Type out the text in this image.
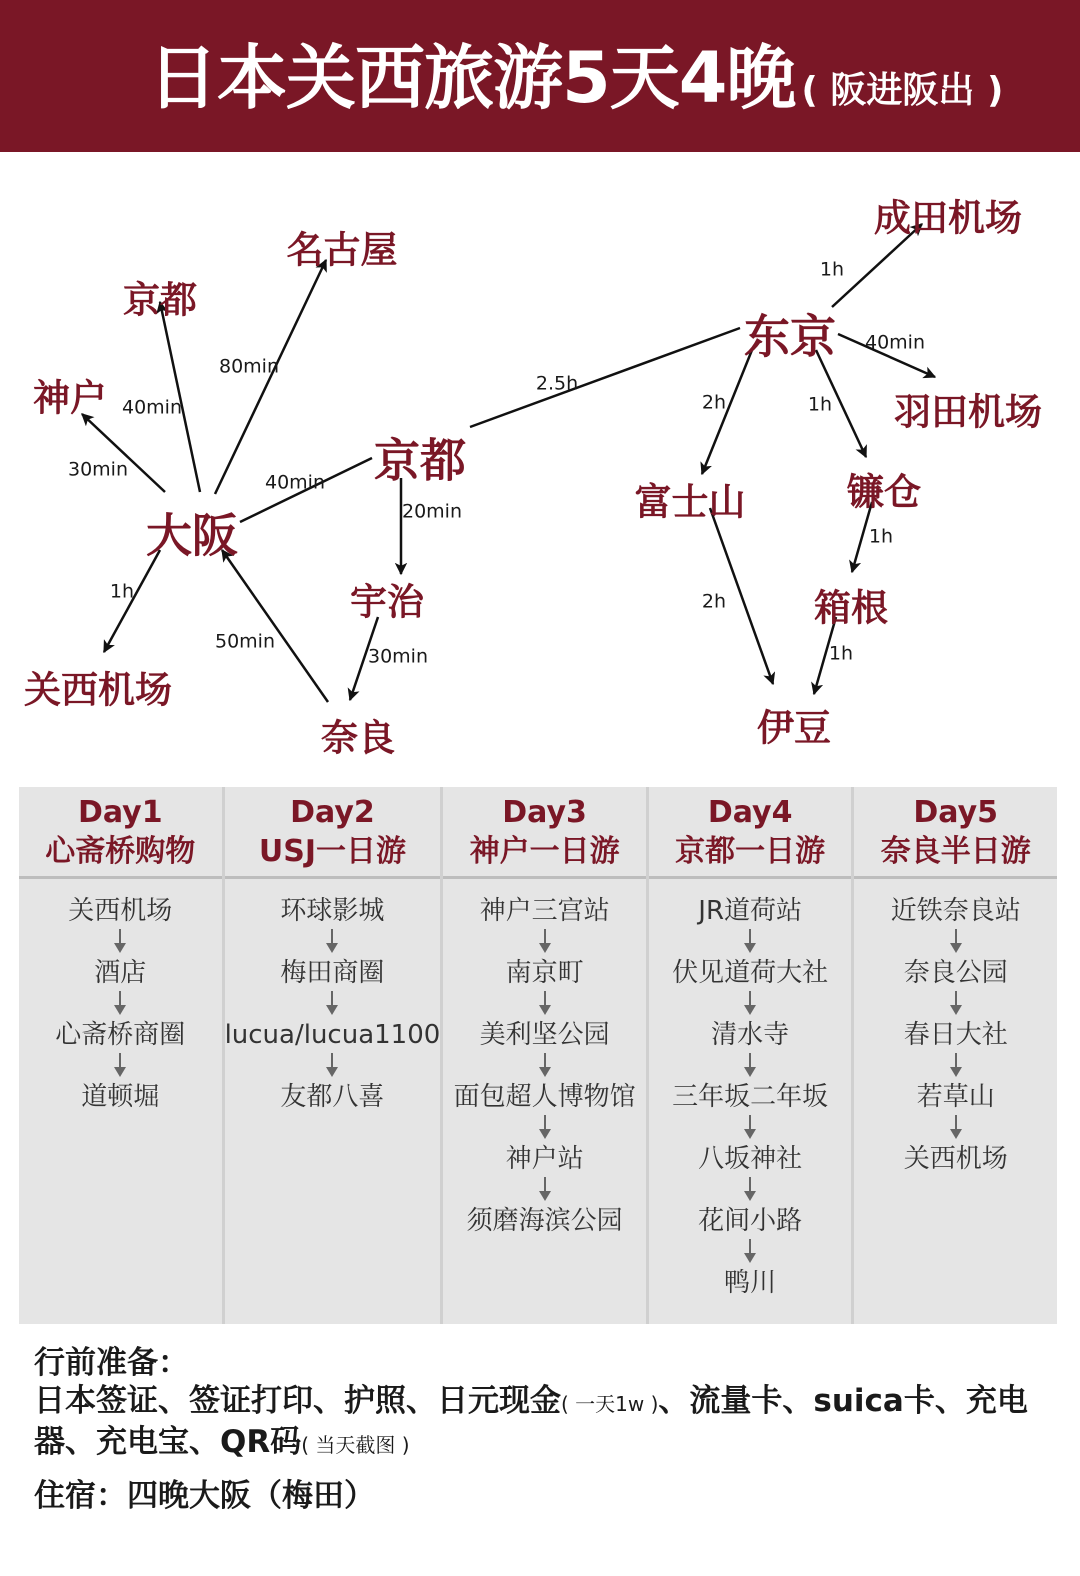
日本关西旅游5天4晚 ( 阪进阪出 )
40min
80min
30min
1h
40min
20min
30min
50min
2.5h
1h
40min
2h	1h
2h
1h
1h
京都
名古屋
神户
大阪
关西机场
京都
宇治
奈良
东京
成田机场
羽田机场
富士山	镰仓
箱根
伊豆
Day1
心斋桥购物
关西机场
酒店
心斋桥商圈
道顿堀
Day2
USJ一日游
环球影城
梅田商圈
lucua/lucua1100
友都八喜
Day3
神户一日游
神户三宫站
南京町
美利坚公园
面包超人博物馆
神户站
须磨海滨公园
Day4
京都一日游
JR道荷站
伏见道荷大社
清水寺
三年坂二年坂
八坂神社
花间小路
鸭川
Day5
奈良半日游
近铁奈良站
奈良公园
春日大社
若草山
关西机场
行前准备：
日本签证、签证打印、护照、日元现金( 一天1w )、流量卡、suica卡、充电器、充电宝、QR码( 当天截图 )
住宿：四晚大阪（梅田）
